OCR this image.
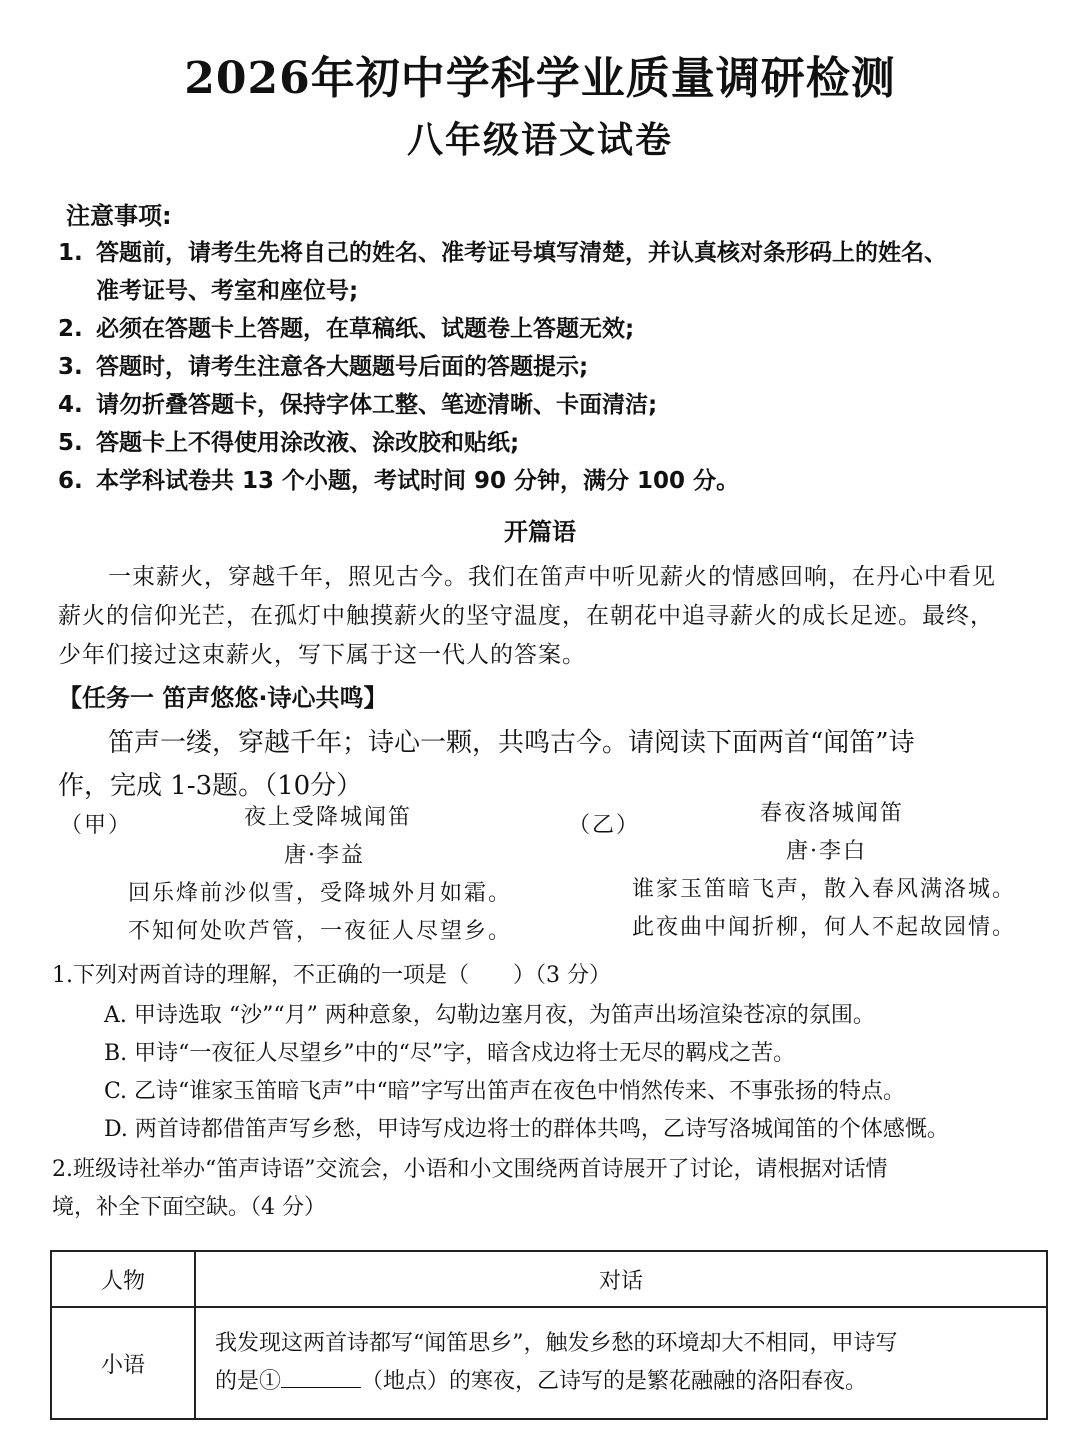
2026年初中学科学业质量调研检测
八年级语文试卷
注意事项:
1. 答题前，请考生先将自己的姓名、准考证号填写清楚，并认真核对条形码上的姓名、
准考证号、考室和座位号;
2. 必须在答题卡上答题，在草稿纸、试题卷上答题无效;
3. 答题时，请考生注意各大题题号后面的答题提示;
4. 请勿折叠答题卡，保持字体工整、笔迹清晰、卡面清洁;
5. 答题卡上不得使用涂改液、涂改胶和贴纸;
6. 本学科试卷共 13 个小题，考试时间 90 分钟，满分 100 分。
开篇语
一束薪火，穿越千年，照见古今。我们在笛声中听见薪火的情感回响，在丹心中看见
薪火的信仰光芒，在孤灯中触摸薪火的坚守温度，在朝花中追寻薪火的成长足迹。最终，
少年们接过这束薪火，写下属于这一代人的答案。
【任务一 笛声悠悠·诗心共鸣】
笛声一缕，穿越千年；诗心一颗，共鸣古今。请阅读下面两首“闻笛”诗
作，完成 1-3题。（10分）
（甲）	夜上受降城闻笛
唐·李益
回乐烽前沙似雪，受降城外月如霜。
不知何处吹芦管，一夜征人尽望乡。
（乙）	春夜洛城闻笛
唐·李白
谁家玉笛暗飞声，散入春风满洛城。
此夜曲中闻折柳，何人不起故园情。
1.下列对两首诗的理解，不正确的一项是（　　）（3 分）
A. 甲诗选取 “沙”“月” 两种意象，勾勒边塞月夜，为笛声出场渲染苍凉的氛围。
B. 甲诗“一夜征人尽望乡”中的“尽”字，暗含戍边将士无尽的羁戍之苦。
C. 乙诗“谁家玉笛暗飞声”中“暗”字写出笛声在夜色中悄然传来、不事张扬的特点。
D. 两首诗都借笛声写乡愁，甲诗写戍边将士的群体共鸣，乙诗写洛城闻笛的个体感慨。
2.班级诗社举办“笛声诗语”交流会，小语和小文围绕两首诗展开了讨论，请根据对话情
境，补全下面空缺。（4 分）
人物	对话
小语	我发现这两首诗都写“闻笛思乡”，触发乡愁的环境却大不相同，甲诗写
的是① （地点）的寒夜，乙诗写的是繁花融融的洛阳春夜。
